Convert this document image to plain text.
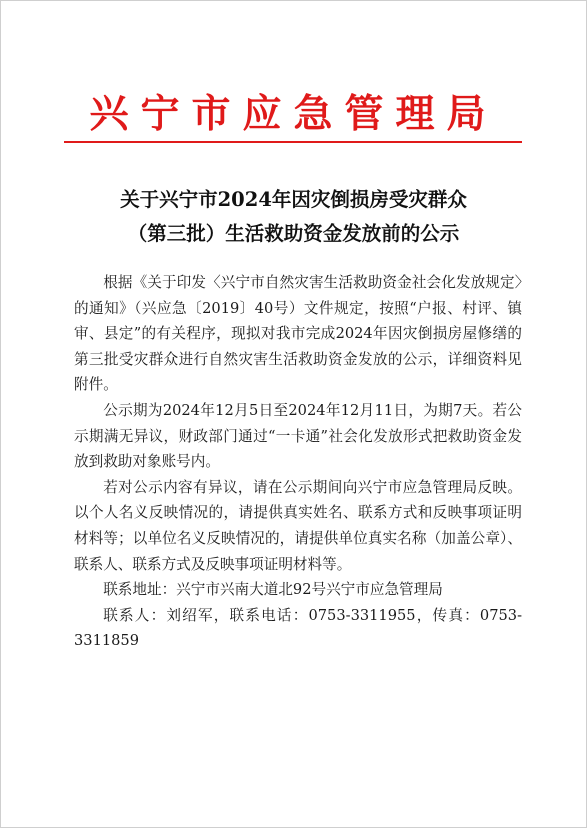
兴宁市应急管理局
关于兴宁市2024年因灾倒损房受灾群众
（第三批）生活救助资金发放前的公示

根据《关于印发〈兴宁市自然灾害生活救助资金社会化发放规定〉的通知》（兴应急〔2019〕40号）文件规定，按照“户报、村评、镇审、县定”的有关程序，现拟对我市完成2024年因灾倒损房屋修缮的第三批受灾群众进行自然灾害生活救助资金发放的公示，详细资料见附件。

公示期为2024年12月5日至2024年12月11日，为期7天。若公示期满无异议，财政部门通过“一卡通”社会化发放形式把救助资金发放到救助对象账号内。

若对公示内容有异议，请在公示期间向兴宁市应急管理局反映。以个人名义反映情况的，请提供真实姓名、联系方式和反映事项证明材料等；以单位名义反映情况的，请提供单位真实名称（加盖公章）、联系人、联系方式及反映事项证明材料等。

联系地址：兴宁市兴南大道北92号兴宁市应急管理局

联系人：刘绍军，联系电话：0753-3311955，传真：0753-3311859
